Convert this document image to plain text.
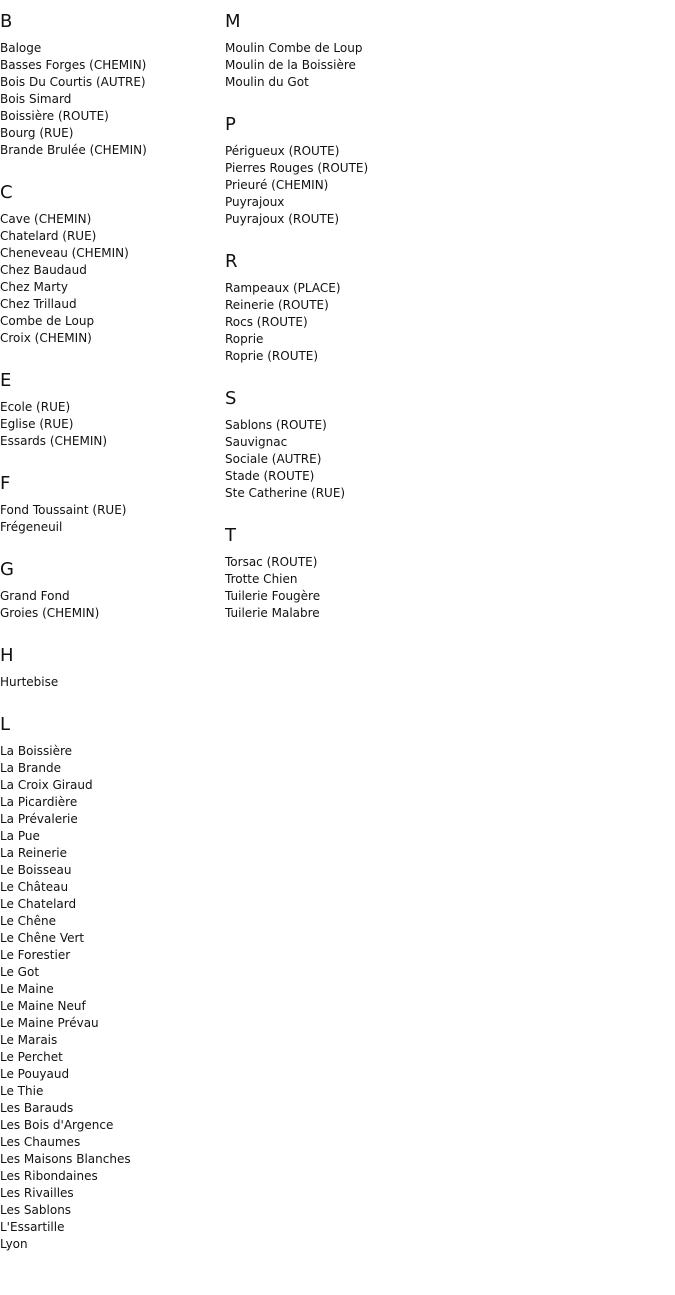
B
Baloge
Basses Forges (CHEMIN)
Bois Du Courtis (AUTRE)
Bois Simard
Boissière (ROUTE)
Bourg (RUE)
Brande Brulée (CHEMIN)
C
Cave (CHEMIN)
Chatelard (RUE)
Cheneveau (CHEMIN)
Chez Baudaud
Chez Marty
Chez Trillaud
Combe de Loup
Croix (CHEMIN)
E
Ecole (RUE)
Eglise (RUE)
Essards (CHEMIN)
F
Fond Toussaint (RUE)
Frégeneuil
G
Grand Fond
Groies (CHEMIN)
H
Hurtebise
L
La Boissière
La Brande
La Croix Giraud
La Picardière
La Prévalerie
La Pue
La Reinerie
Le Boisseau
Le Château
Le Chatelard
Le Chêne
Le Chêne Vert
Le Forestier
Le Got
Le Maine
Le Maine Neuf
Le Maine Prévau
Le Marais
Le Perchet
Le Pouyaud
Le Thie
Les Barauds
Les Bois d'Argence
Les Chaumes
Les Maisons Blanches
Les Ribondaines
Les Rivailles
Les Sablons
L'Essartille
Lyon
M
Moulin Combe de Loup
Moulin de la Boissière
Moulin du Got
P
Périgueux (ROUTE)
Pierres Rouges (ROUTE)
Prieuré (CHEMIN)
Puyrajoux
Puyrajoux (ROUTE)
R
Rampeaux (PLACE)
Reinerie (ROUTE)
Rocs (ROUTE)
Roprie
Roprie (ROUTE)
S
Sablons (ROUTE)
Sauvignac
Sociale (AUTRE)
Stade (ROUTE)
Ste Catherine (RUE)
T
Torsac (ROUTE)
Trotte Chien
Tuilerie Fougère
Tuilerie Malabre
